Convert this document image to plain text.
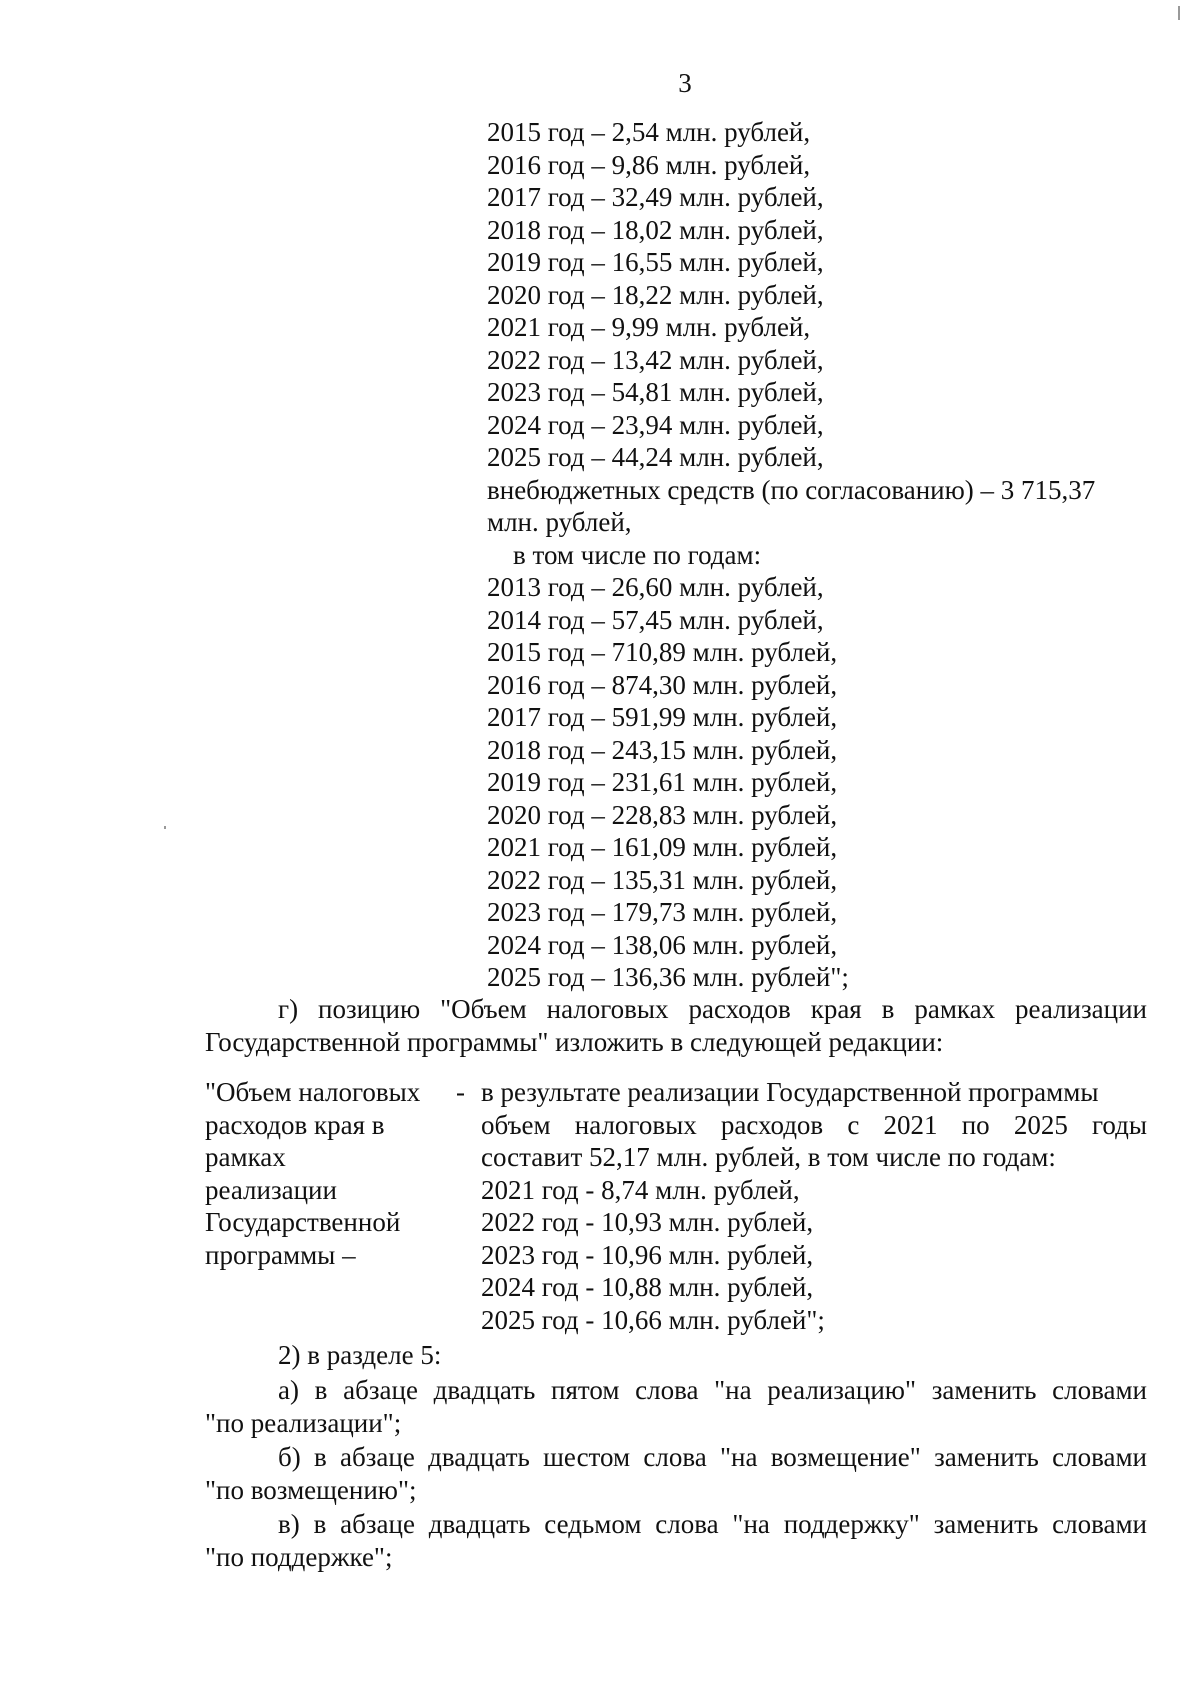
3
2015 год – 2,54 млн. рублей,
2016 год – 9,86 млн. рублей,
2017 год – 32,49 млн. рублей,
2018 год – 18,02 млн. рублей,
2019 год – 16,55 млн. рублей,
2020 год – 18,22 млн. рублей,
2021 год – 9,99 млн. рублей,
2022 год – 13,42 млн. рублей,
2023 год – 54,81 млн. рублей,
2024 год – 23,94 млн. рублей,
2025 год – 44,24 млн. рублей,
внебюджетных средств (по согласованию) – 3 715,37
млн. рублей,
в том числе по годам:
2013 год – 26,60 млн. рублей,
2014 год – 57,45 млн. рублей,
2015 год – 710,89 млн. рублей,
2016 год – 874,30 млн. рублей,
2017 год – 591,99 млн. рублей,
2018 год – 243,15 млн. рублей,
2019 год – 231,61 млн. рублей,
2020 год – 228,83 млн. рублей,
2021 год – 161,09 млн. рублей,
2022 год – 135,31 млн. рублей,
2023 год – 179,73 млн. рублей,
2024 год – 138,06 млн. рублей,
2025 год – 136,36 млн. рублей";
г) позицию "Объем налоговых расходов края в рамках реализации
Государственной программы" изложить в следующей редакции:
"Объем налоговых
расходов края в
рамках
реализации
Государственной
программы –
- в результате реализации Государственной программы
объем налоговых расходов с 2021 по 2025 годы
составит 52,17 млн. рублей, в том числе по годам:
2021 год - 8,74 млн. рублей,
2022 год - 10,93 млн. рублей,
2023 год - 10,96 млн. рублей,
2024 год - 10,88 млн. рублей,
2025 год - 10,66 млн. рублей";
2) в разделе 5:
а) в абзаце двадцать пятом слова "на реализацию" заменить словами
"по реализации";
б) в абзаце двадцать шестом слова "на возмещение" заменить словами
"по возмещению";
в) в абзаце двадцать седьмом слова "на поддержку" заменить словами
"по поддержке";
